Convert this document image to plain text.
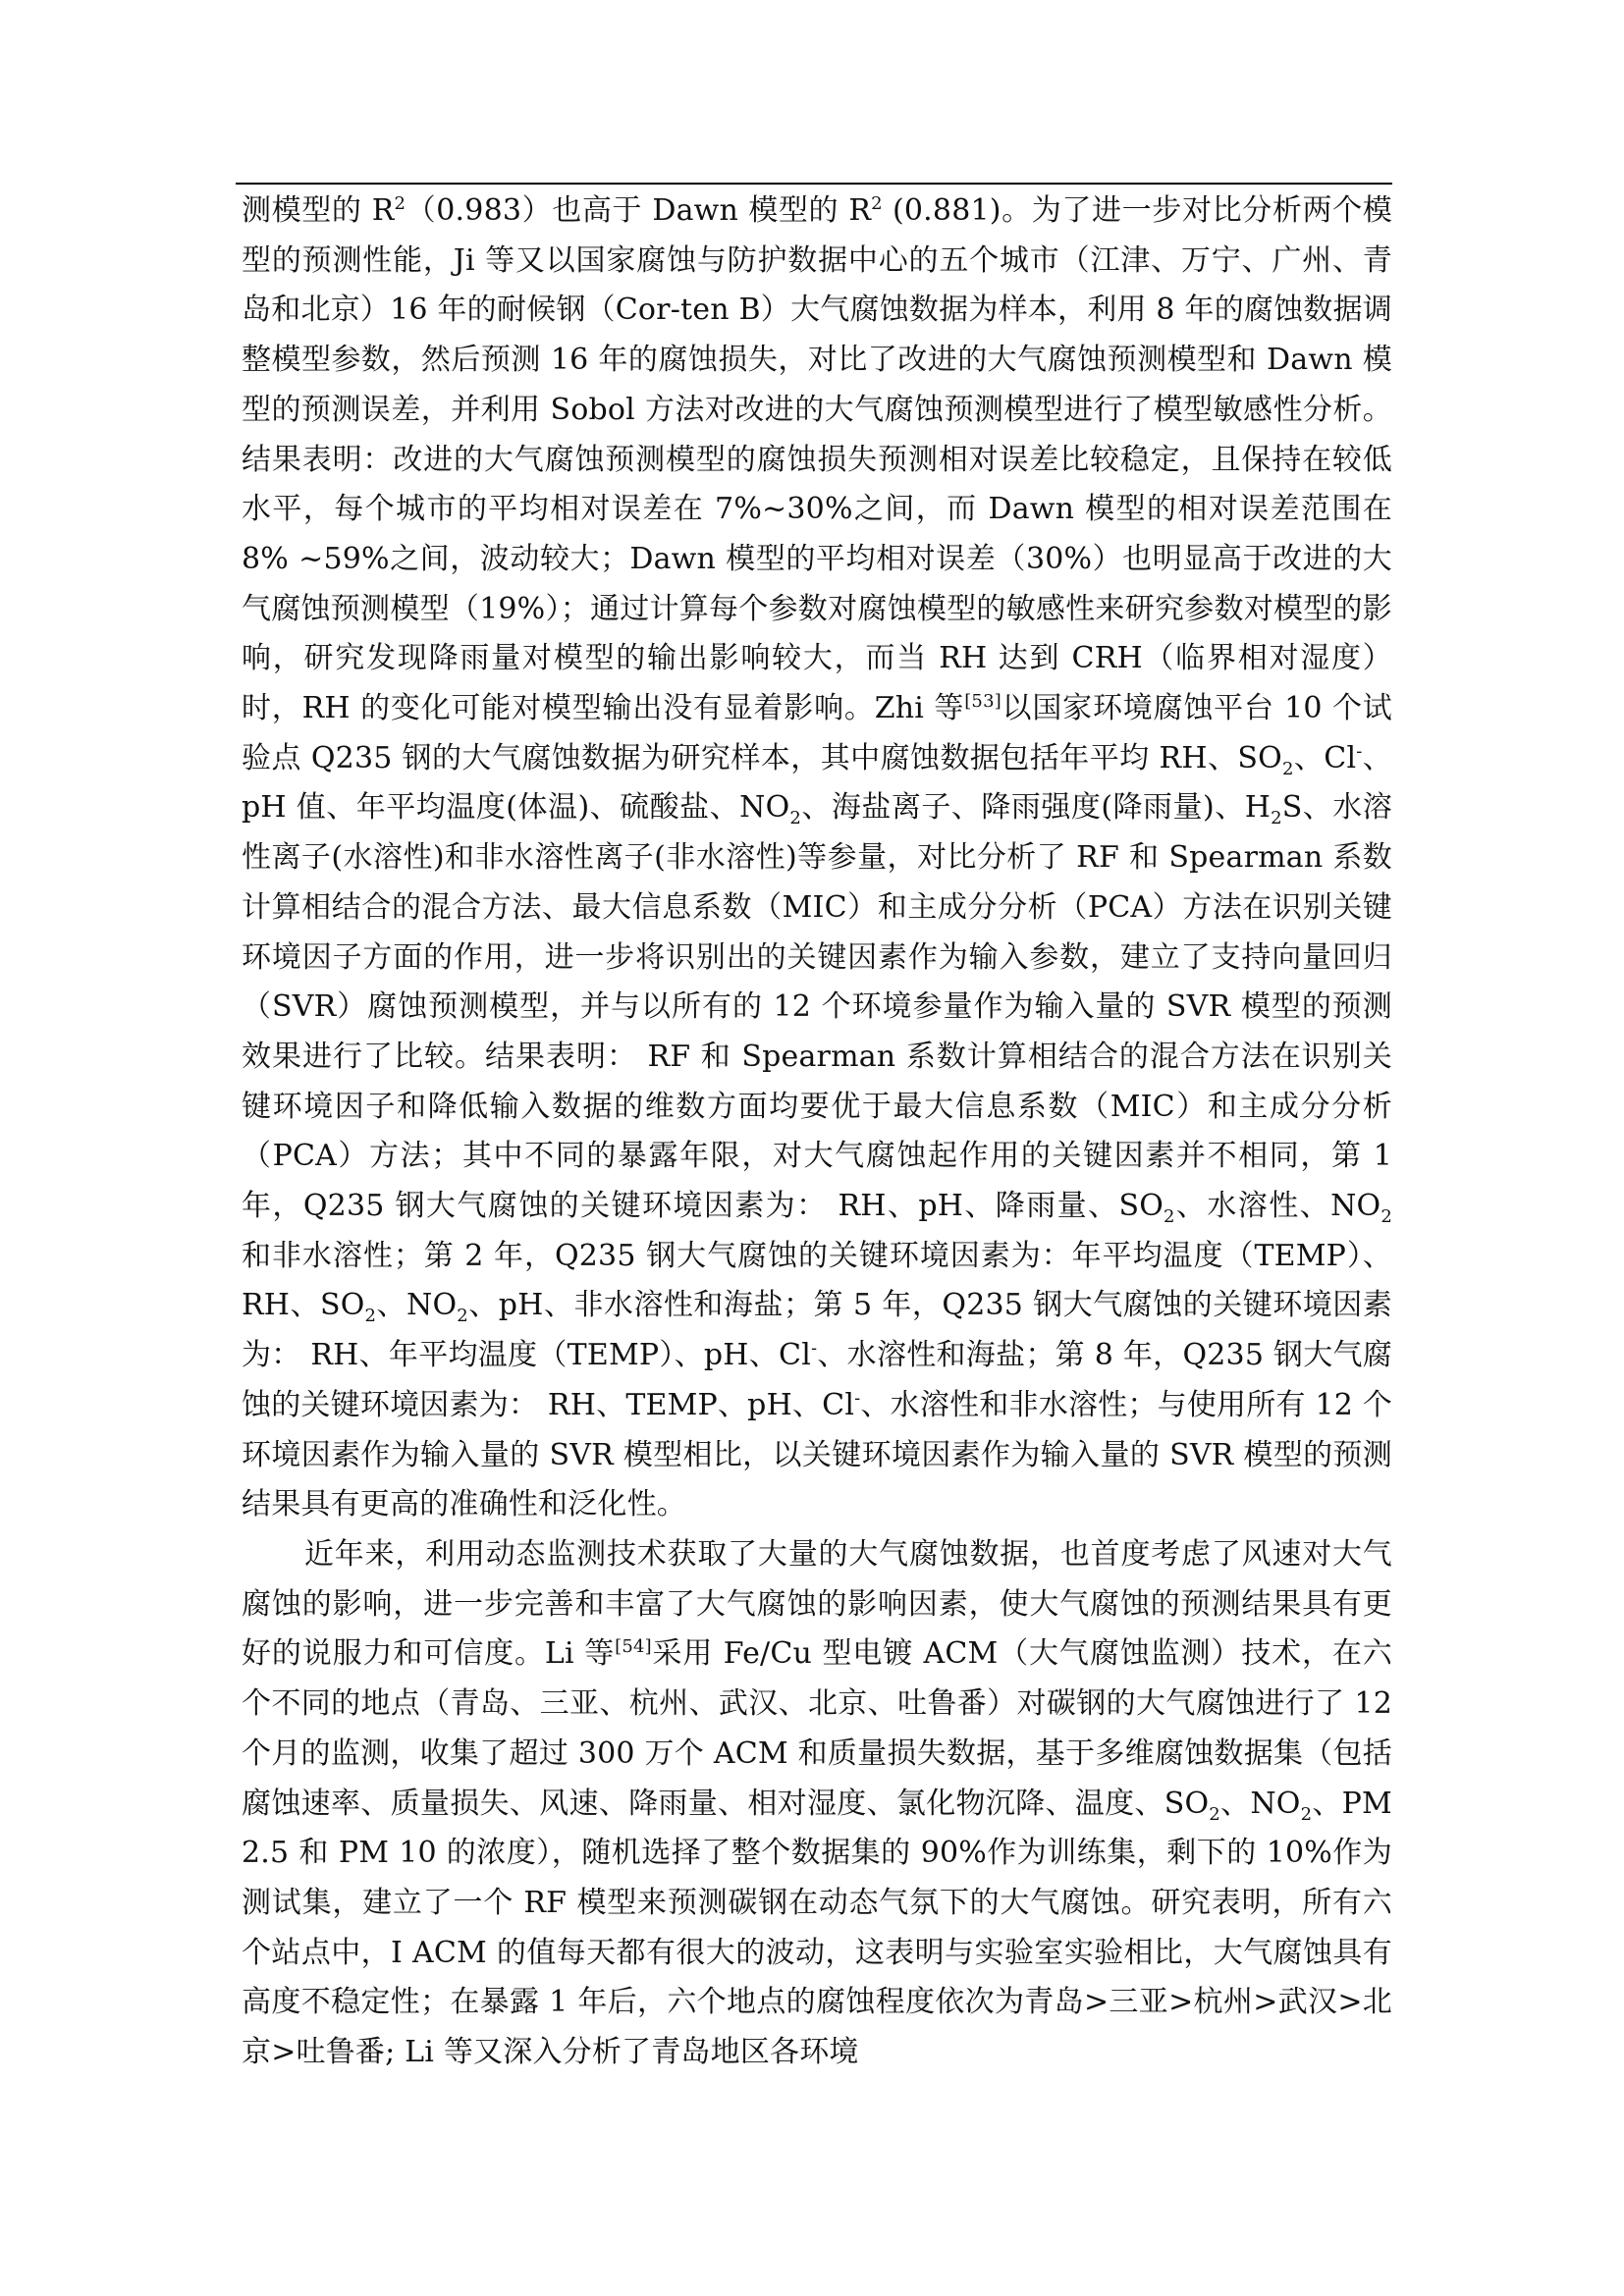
测模型的 $R^2(0.983)$也高于 Dawn 模型的 $R^2$ (0.881)。为了进一步对比分析两个模型的预测性能，Ji 等又以国家腐蚀与防护数据中心的五个城市（江津、万宁、广州、青岛和北京）16 年的耐候钢（Cor-ten B）大气腐蚀数据为样本，利用 8 年的腐蚀数据调整模型参数，然后预测 16 年的腐蚀损失，对比了改进的大气腐蚀预测模型和 Dawn 模型的预测误差，并利用 Sobol 方法对改进的大气腐蚀预测模型进行了模型敏感性分析。结果表明：改进的大气腐蚀预测模型的腐蚀损失预测相对误差比较稳定，且保持在较低水平，每个城市的平均相对误差在 7%~30%之间，而 Dawn 模型的相对误差范围在 8% ~59%之间，波动较大；Dawn 模型的平均相对误差（30%）也明显高于改进的大气腐蚀预测模型（19%）；通过计算每个参数对腐蚀模型的敏感性来研究参数对模型的影响，研究发现降雨量对模型的输出影响较大，而当 RH 达到 CRH（临界相对湿度）时，RH 的变化可能对模型输出没有显着影响。Zhi 等[53]以国家环境腐蚀平台 10 个试验点 Q235 钢的大气腐蚀数据为研究样本，其中腐蚀数据包括年平均 RH、$SO_2$、Cl-、pH 值、年平均温度(体温)、硫酸盐、$NO_2$、海盐离子、降雨强度(降雨量)、$H_2S$、水溶性离子(水溶性)和非水溶性离子(非水溶性)等参量，对比分析了 RF 和 Spearman 系数计算相结合的混合方法、最大信息系数（MIC）和主成分分析（PCA）方法在识别关键环境因子方面的作用，进一步将识别出的关键因素作为输入参数，建立了支持向量回归（SVR）腐蚀预测模型，并与以所有的 12 个环境参量作为输入量的 SVR 模型的预测效果进行了比较。结果表明： RF 和 Spearman 系数计算相结合的混合方法在识别关键环境因子和降低输入数据的维数方面均要优于最大信息系数（MIC）和主成分分析（PCA）方法；其中不同的暴露年限，对大气腐蚀起作用的关键因素并不相同，第 1 年，Q235 钢大气腐蚀的关键环境因素为： RH、pH、降雨量、$SO_2$、水溶性、$NO_2$ 和非水溶性；第 2 年，Q235 钢大气腐蚀的关键环境因素为：年平均温度（TEMP）、RH、$SO_2$、$NO_2$、pH、非水溶性和海盐；第 5 年，Q235 钢大气腐蚀的关键环境因素为： RH、年平均温度（TEMP）、pH、Cl-、水溶性和海盐；第 8 年，Q235 钢大气腐蚀的关键环境因素为： RH、TEMP、pH、Cl-、水溶性和非水溶性；与使用所有 12 个环境因素作为输入量的 SVR 模型相比，以关键环境因素作为输入量的 SVR 模型的预测结果具有更高的准确性和泛化性。

近年来，利用动态监测技术获取了大量的大气腐蚀数据，也首度考虑了风速对大气腐蚀的影响，进一步完善和丰富了大气腐蚀的影响因素，使大气腐蚀的预测结果具有更好的说服力和可信度。Li 等[54]采用 Fe/Cu 型电镀 ACM（大气腐蚀监测）技术，在六个不同的地点（青岛、三亚、杭州、武汉、北京、吐鲁番）对碳钢的大气腐蚀进行了 12 个月的监测，收集了超过 300 万个 ACM 和质量损失数据，基于多维腐蚀数据集（包括腐蚀速率、质量损失、风速、降雨量、相对湿度、氯化物沉降、温度、$SO_2$、$NO_2$、PM 2.5 和 PM 10 的浓度），随机选择了整个数据集的 90%作为训练集，剩下的 10%作为测试集，建立了一个 RF 模型来预测碳钢在动态气氛下的大气腐蚀。研究表明，所有六个站点中，I ACM 的值每天都有很大的波动，这表明与实验室实验相比，大气腐蚀具有高度不稳定性；在暴露 1 年后，六个地点的腐蚀程度依次为青岛>三亚>杭州>武汉>北京>吐鲁番; Li 等又深入分析了青岛地区各环境
